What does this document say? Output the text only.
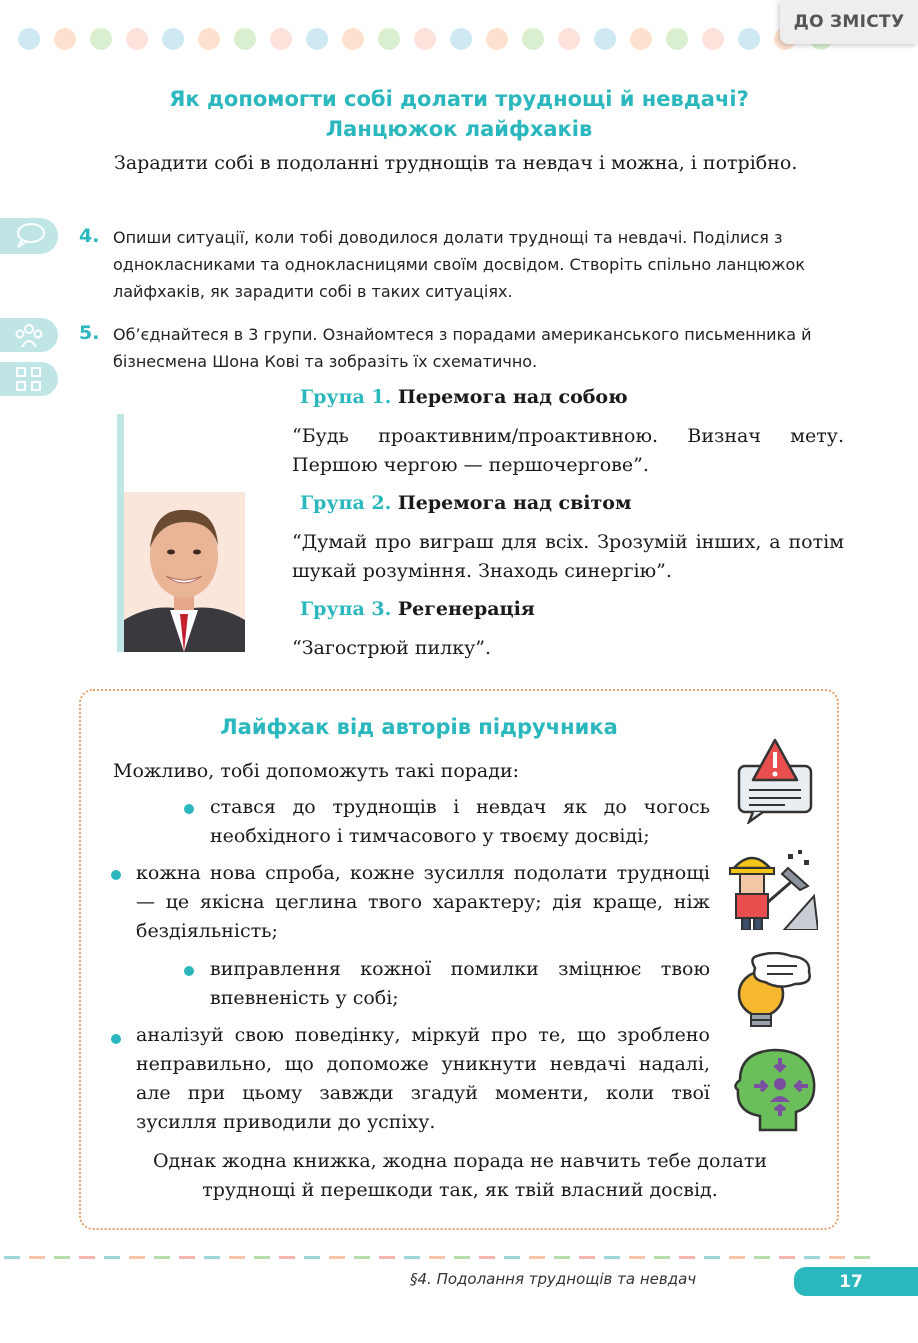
ДО ЗМІСТУ
Як допомогти собі долати труднощі й невдачі?
Ланцюжок лайфхаків
Зарадити собі в подоланні труднощів та невдач і можна, і потрібно.
4. Опиши ситуації, коли тобі доводилося долати труднощі та невдачі. Поділися з однокласниками та однокласницями своїм досвідом. Створіть спільно ланцюжок лайфхаків, як зарадити собі в таких ситуаціях.
5. Об’єднайтеся в 3 групи. Ознайомтеся з порадами американського письменника й бізнесмена Шона Кові та зобразіть їх схематично.
Група 1. Перемога над собою
“Будь проактивним/проактивною. Визнач мету. Першою чергою — першочергове”.
Група 2. Перемога над світом
“Думай про виграш для всіх. Зрозумій інших, а потім шукай розуміння. Знаходь синергію”.
Група 3. Регенерація
“Загострюй пилку”.
Лайфхак від авторів підручника
Можливо, тобі допоможуть такі поради:
стався до труднощів і невдач як до чогось необхідного і тимчасового у твоєму досвіді;
кожна нова спроба, кожне зусилля подолати труднощі — це якісна цеглина твого характеру; дія краще, ніж бездіяльність;
виправлення кожної помилки зміцнює твою впевненість у собі;
аналізуй свою поведінку, міркуй про те, що зроблено неправильно, що допоможе уникнути невдачі надалі, але при цьому завжди згадуй моменти, коли твої зусилля приводили до успіху.
Однак жодна книжка, жодна порада не навчить тебе долати труднощі й перешкоди так, як твій власний досвід.
§4. Подолання труднощів та невдач	17
